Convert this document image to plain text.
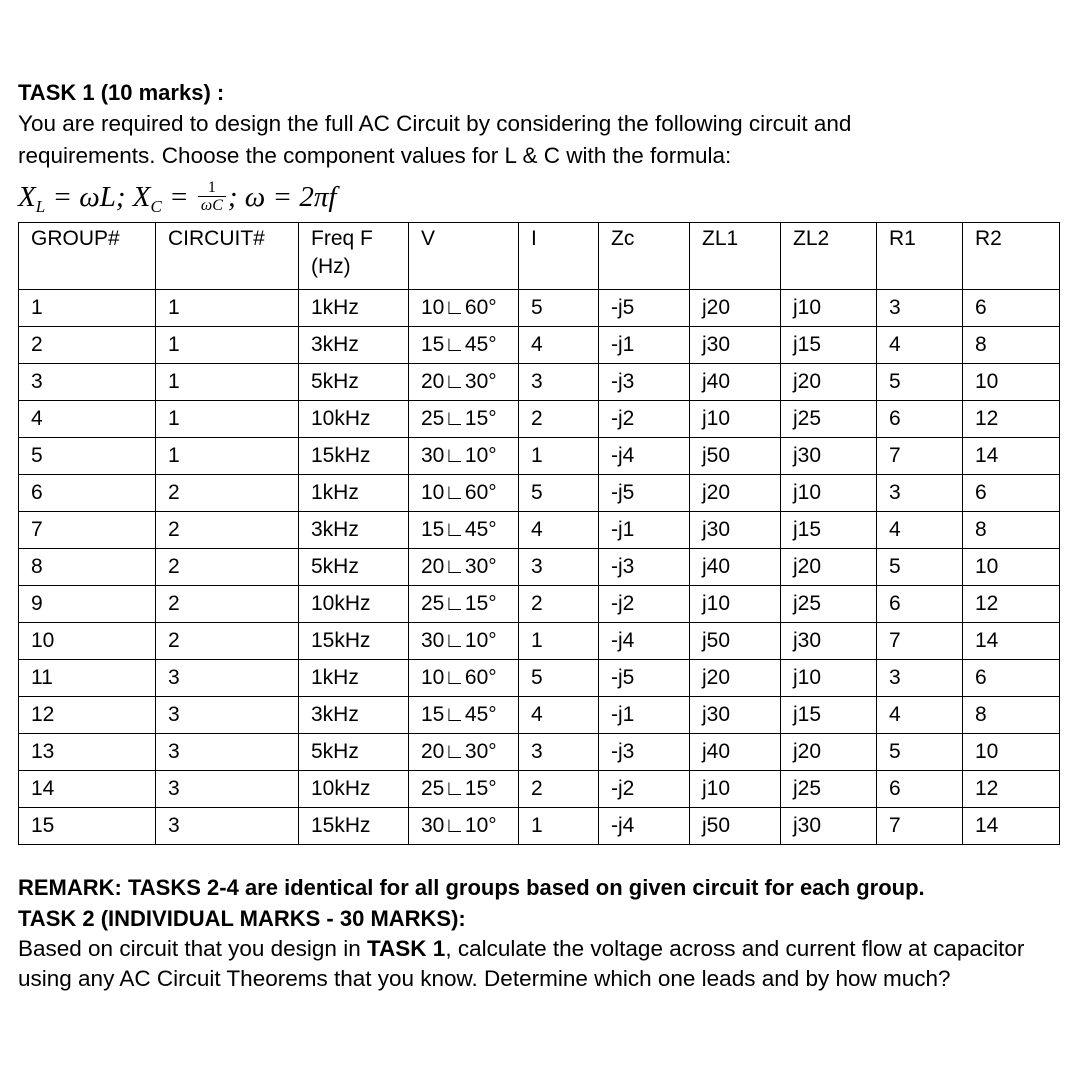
TASK 1 (10 marks) :

You are required to design the full AC Circuit by considering the following circuit and

requirements. Choose the component values for L & C with the formula:

$X_L = \omega L$; $X_C = \frac{1}{\omega C}$ ; ω = 2πf
GROUP#	CIRCUIT#	Freq F (Hz)	V	I	Zc	ZL1	ZL2	R1	R2
1	1	1kHz	10∟60°	5	-j5	j20	j10	3	6
2	1	3kHz	15∟45°	4	-j1	j30	j15	4	8
3	1	5kHz	20∟30°	3	-j3	j40	j20	5	10
4	1	10kHz	25∟15°	2	-j2	j10	j25	6	12
5	1	15kHz	30∟10°	1	-j4	j50	j30	7	14
6	2	1kHz	10∟60°	5	-j5	j20	j10	3	6
7	2	3kHz	15∟45°	4	-j1	j30	j15	4	8
8	2	5kHz	20∟30°	3	-j3	j40	j20	5	10
9	2	10kHz	25∟15°	2	-j2	j10	j25	6	12
10	2	15kHz	30∟10°	1	-j4	j50	j30	7	14
11	3	1kHz	10∟60°	5	-j5	j20	j10	3	6
12	3	3kHz	15∟45°	4	-j1	j30	j15	4	8
13	3	5kHz	20∟30°	3	-j3	j40	j20	5	10
14	3	10kHz	25∟15°	2	-j2	j10	j25	6	12
15	3	15kHz	30∟10°	1	-j4	j50	j30	7	14

REMARK: TASKS 2-4 are identical for all groups based on given circuit for each group.

TASK 2 (INDIVIDUAL MARKS - 30 MARKS):

Based on circuit that you design in TASK 1, calculate the voltage across and current flow at capacitor using any AC Circuit Theorems that you know. Determine which one leads and by how much?
